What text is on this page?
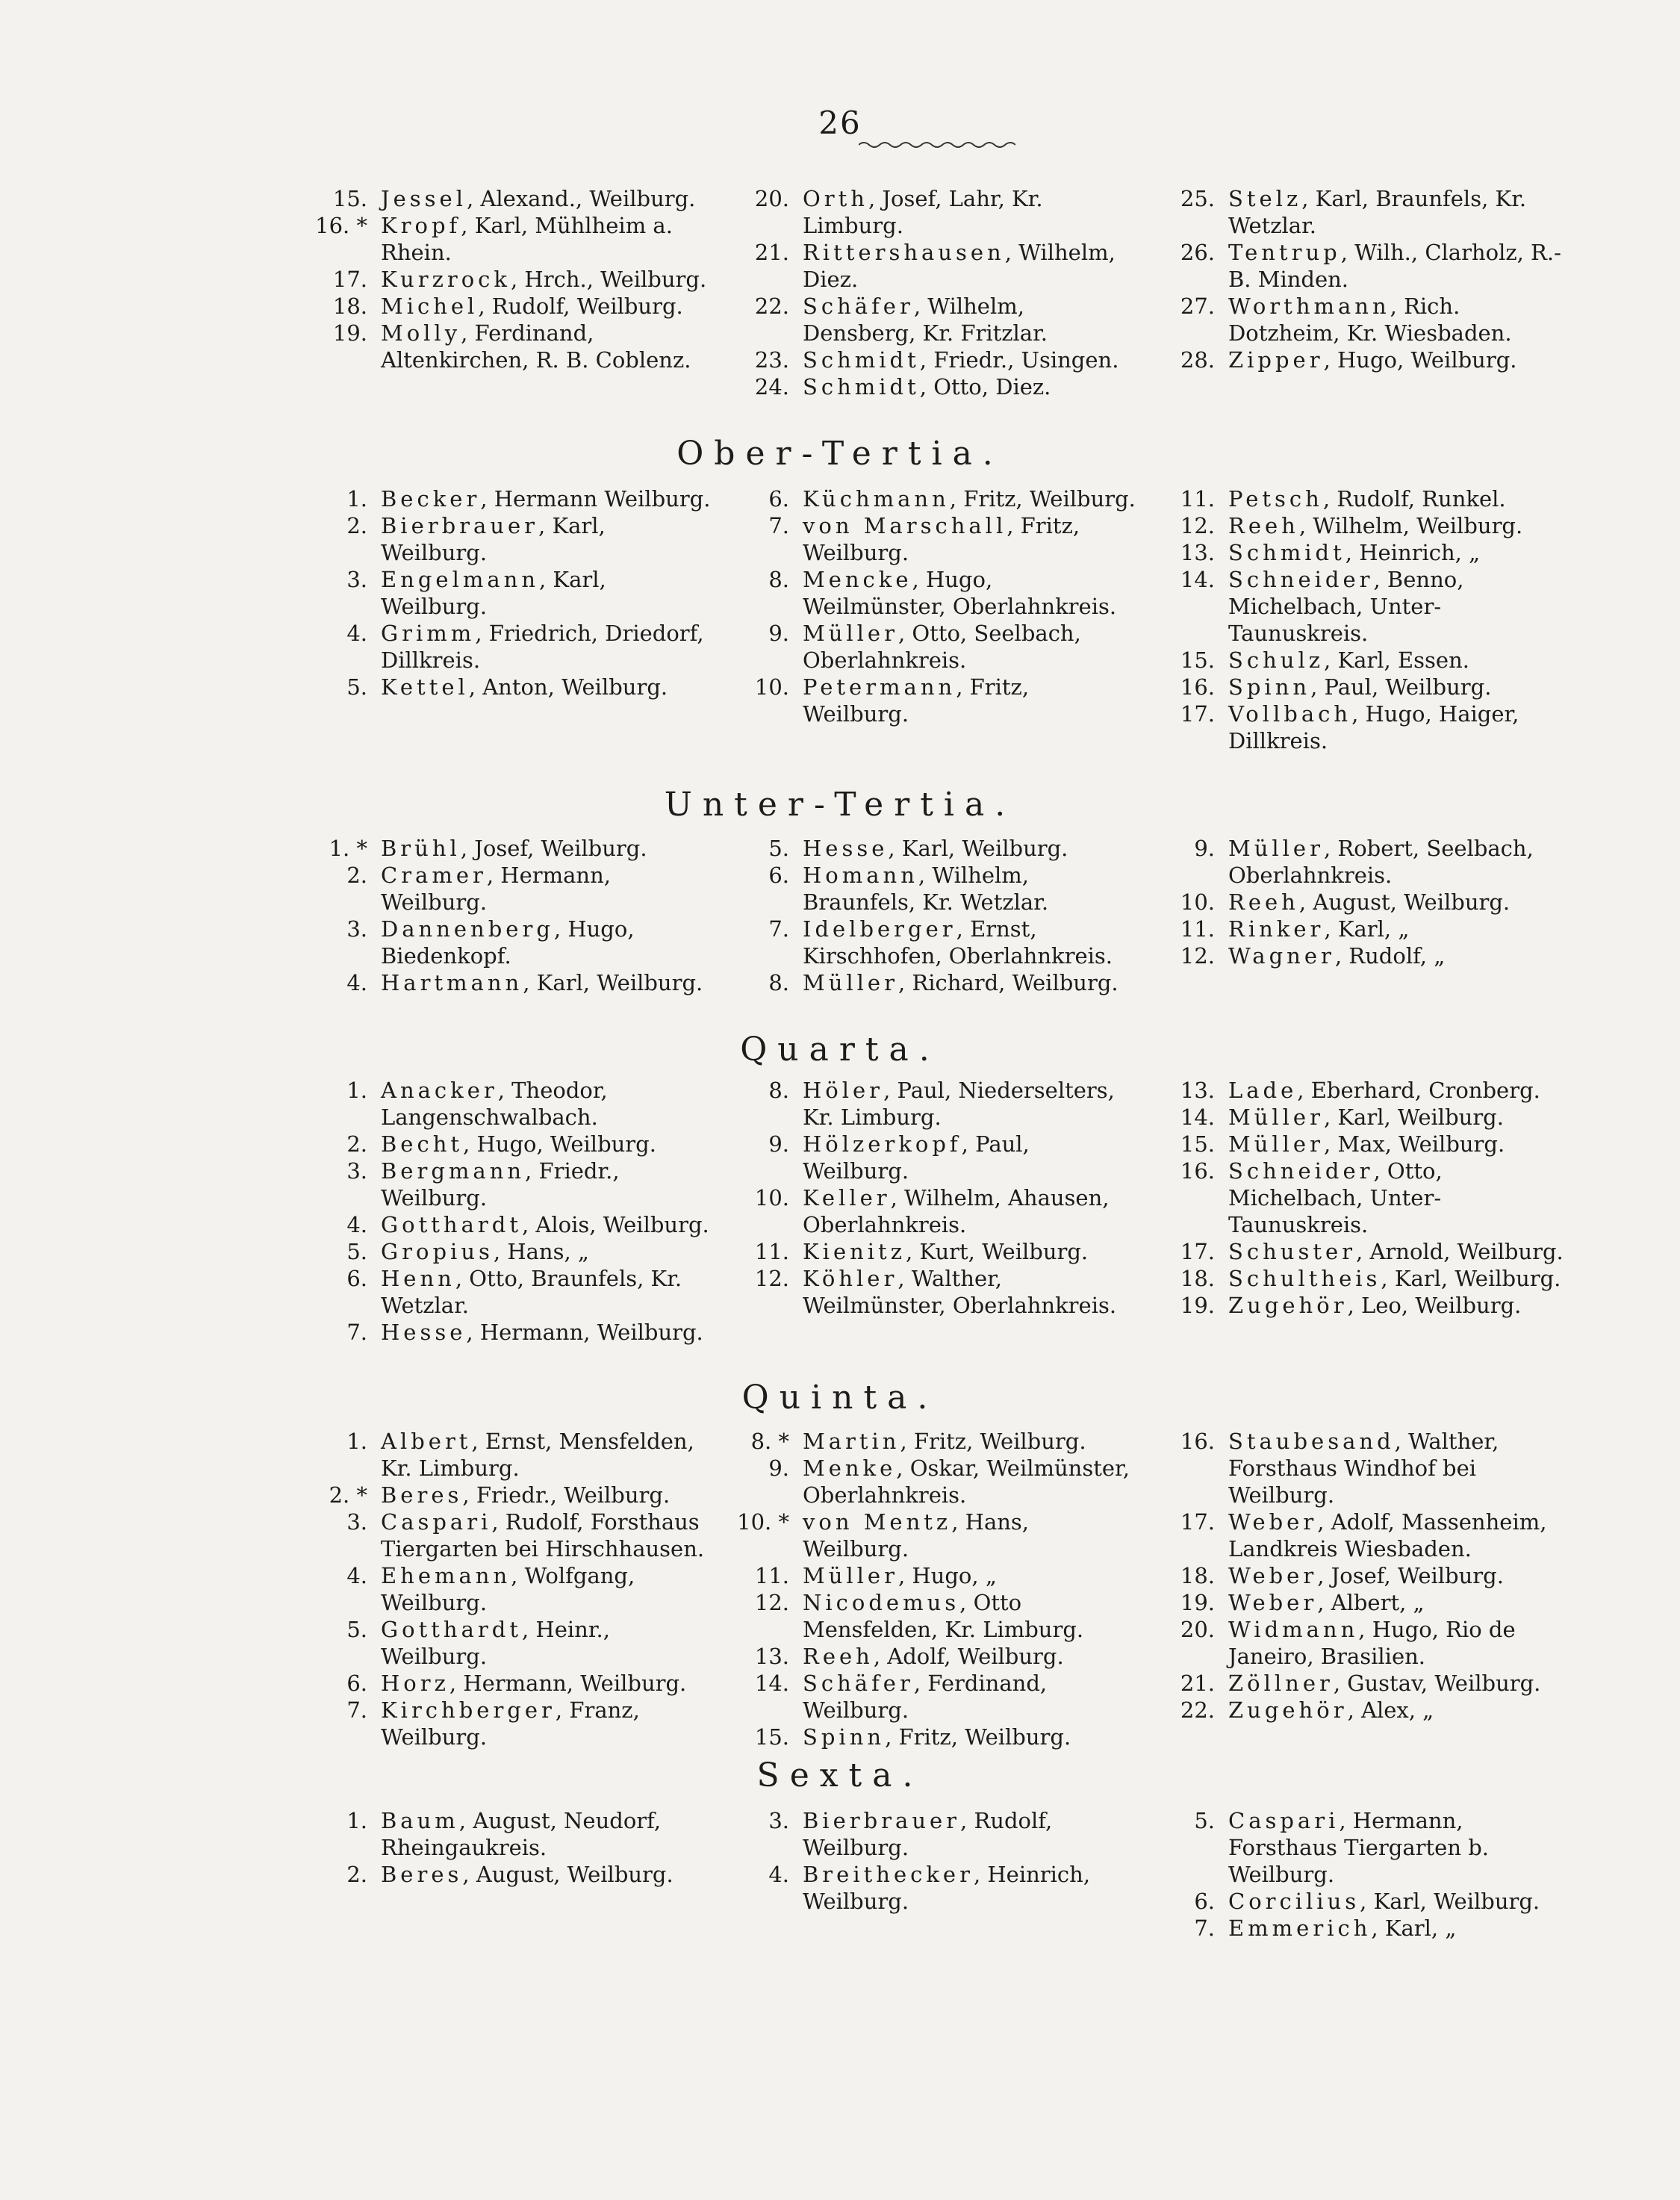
26
15. Jessel, Alexand., Weilburg.
16. * Kropf, Karl, Mühlheim a. Rhein.
17. Kurzrock, Hrch., Weilburg.
18. Michel, Rudolf, Weilburg.
19. Molly, Ferdinand, Altenkirchen, R. B. Coblenz.
20. Orth, Josef, Lahr, Kr. Limburg.
21. Rittershausen, Wilhelm, Diez.
22. Schäfer, Wilhelm, Densberg, Kr. Fritzlar.
23. Schmidt, Friedr., Usingen.
24. Schmidt, Otto, Diez.
25. Stelz, Karl, Braunfels, Kr. Wetzlar.
26. Tentrup, Wilh., Clarholz, R.-B. Minden.
27. Worthmann, Rich. Dotzheim, Kr. Wiesbaden.
28. Zipper, Hugo, Weilburg.
Ober-Tertia.
1. Becker, Hermann Weilburg.
2. Bierbrauer, Karl, Weilburg.
3. Engelmann, Karl, Weilburg.
4. Grimm, Friedrich, Driedorf, Dillkreis.
5. Kettel, Anton, Weilburg.
6. Küchmann, Fritz, Weilburg.
7. von Marschall, Fritz, Weilburg.
8. Mencke, Hugo, Weilmünster, Oberlahnkreis.
9. Müller, Otto, Seelbach, Oberlahnkreis.
10. Petermann, Fritz, Weilburg.
11. Petsch, Rudolf, Runkel.
12. Reeh, Wilhelm, Weilburg.
13. Schmidt, Heinrich, „
14. Schneider, Benno, Michelbach, Unter-Taunuskreis.
15. Schulz, Karl, Essen.
16. Spinn, Paul, Weilburg.
17. Vollbach, Hugo, Haiger, Dillkreis.
Unter-Tertia.
1. * Brühl, Josef, Weilburg.
2. Cramer, Hermann, Weilburg.
3. Dannenberg, Hugo, Biedenkopf.
4. Hartmann, Karl, Weilburg.
5. Hesse, Karl, Weilburg.
6. Homann, Wilhelm, Braunfels, Kr. Wetzlar.
7. Idelberger, Ernst, Kirschhofen, Oberlahnkreis.
8. Müller, Richard, Weilburg.
9. Müller, Robert, Seelbach, Oberlahnkreis.
10. Reeh, August, Weilburg.
11. Rinker, Karl, „
12. Wagner, Rudolf, „
Quarta.
1. Anacker, Theodor, Langenschwalbach.
2. Becht, Hugo, Weilburg.
3. Bergmann, Friedr., Weilburg.
4. Gotthardt, Alois, Weilburg.
5. Gropius, Hans, „
6. Henn, Otto, Braunfels, Kr. Wetzlar.
7. Hesse, Hermann, Weilburg.
8. Höler, Paul, Niederselters, Kr. Limburg.
9. Hölzerkopf, Paul, Weilburg.
10. Keller, Wilhelm, Ahausen, Oberlahnkreis.
11. Kienitz, Kurt, Weilburg.
12. Köhler, Walther, Weilmünster, Oberlahnkreis.
13. Lade, Eberhard, Cronberg.
14. Müller, Karl, Weilburg.
15. Müller, Max, Weilburg.
16. Schneider, Otto, Michelbach, Unter-Taunuskreis.
17. Schuster, Arnold, Weilburg.
18. Schultheis, Karl, Weilburg.
19. Zugehör, Leo, Weilburg.
Quinta.
1. Albert, Ernst, Mensfelden, Kr. Limburg.
2. * Beres, Friedr., Weilburg.
3. Caspari, Rudolf, Forsthaus Tiergarten bei Hirschhausen.
4. Ehemann, Wolfgang, Weilburg.
5. Gotthardt, Heinr., Weilburg.
6. Horz, Hermann, Weilburg.
7. Kirchberger, Franz, Weilburg.
8. * Martin, Fritz, Weilburg.
9. Menke, Oskar, Weilmünster, Oberlahnkreis.
10. * von Mentz, Hans, Weilburg.
11. Müller, Hugo, „
12. Nicodemus, Otto Mensfelden, Kr. Limburg.
13. Reeh, Adolf, Weilburg.
14. Schäfer, Ferdinand, Weilburg.
15. Spinn, Fritz, Weilburg.
16. Staubesand, Walther, Forsthaus Windhof bei Weilburg.
17. Weber, Adolf, Massenheim, Landkreis Wiesbaden.
18. Weber, Josef, Weilburg.
19. Weber, Albert, „
20. Widmann, Hugo, Rio de Janeiro, Brasilien.
21. Zöllner, Gustav, Weilburg.
22. Zugehör, Alex, „
Sexta.
1. Baum, August, Neudorf, Rheingaukreis.
2. Beres, August, Weilburg.
3. Bierbrauer, Rudolf, Weilburg.
4. Breithecker, Heinrich, Weilburg.
5. Caspari, Hermann, Forsthaus Tiergarten b. Weilburg.
6. Corcilius, Karl, Weilburg.
7. Emmerich, Karl, „
